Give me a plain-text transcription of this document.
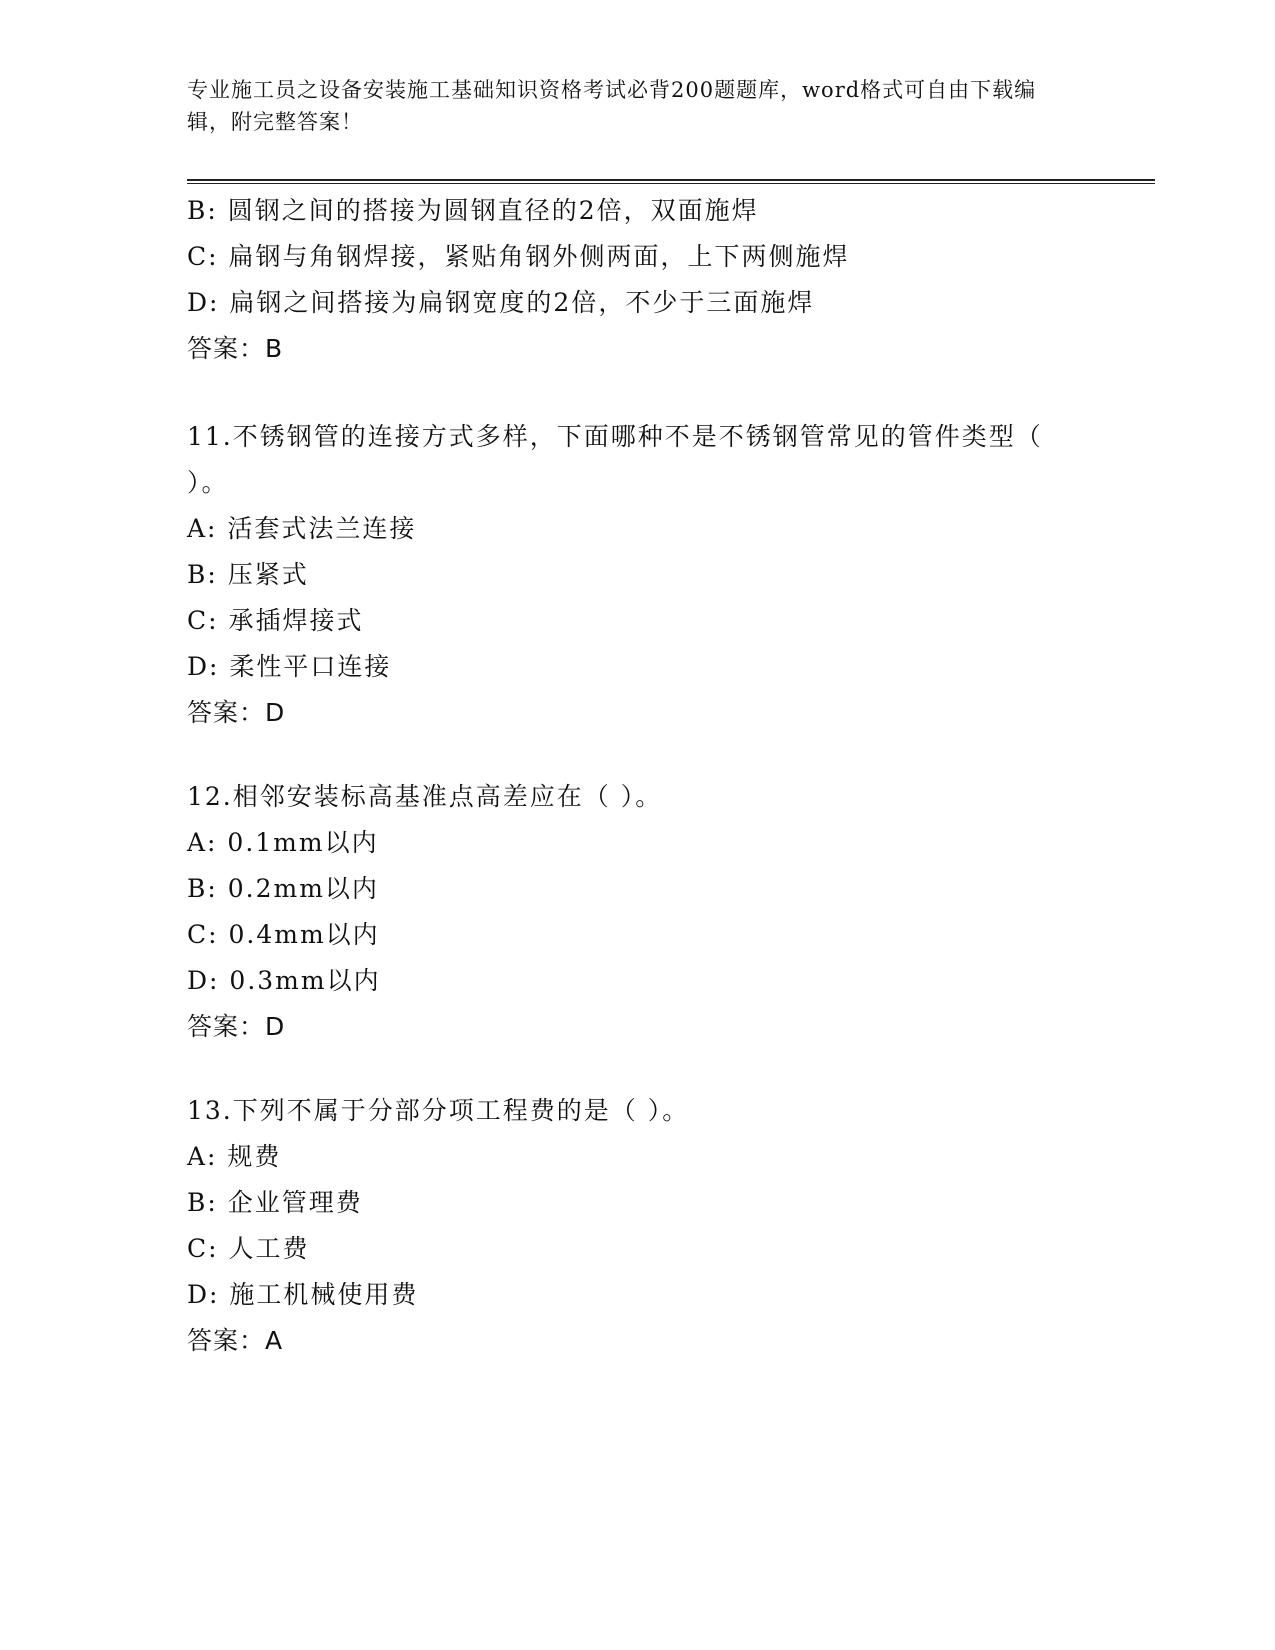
专业施工员之设备安装施工基础知识资格考试必背200题题库，word格式可自由下载编辑，附完整答案！
B: 圆钢之间的搭接为圆钢直径的2倍，双面施焊
C: 扁钢与角钢焊接，紧贴角钢外侧两面，上下两侧施焊
D: 扁钢之间搭接为扁钢宽度的2倍，不少于三面施焊
答案：B
11.不锈钢管的连接方式多样，下面哪种不是不锈钢管常见的管件类型（ ）。
A: 活套式法兰连接
B: 压紧式
C: 承插焊接式
D: 柔性平口连接
答案：D
12.相邻安装标高基准点高差应在（ ）。
A: 0.1mm以内
B: 0.2mm以内
C: 0.4mm以内
D: 0.3mm以内
答案：D
13.下列不属于分部分项工程费的是（ ）。
A: 规费
B: 企业管理费
C: 人工费
D: 施工机械使用费
答案：A
